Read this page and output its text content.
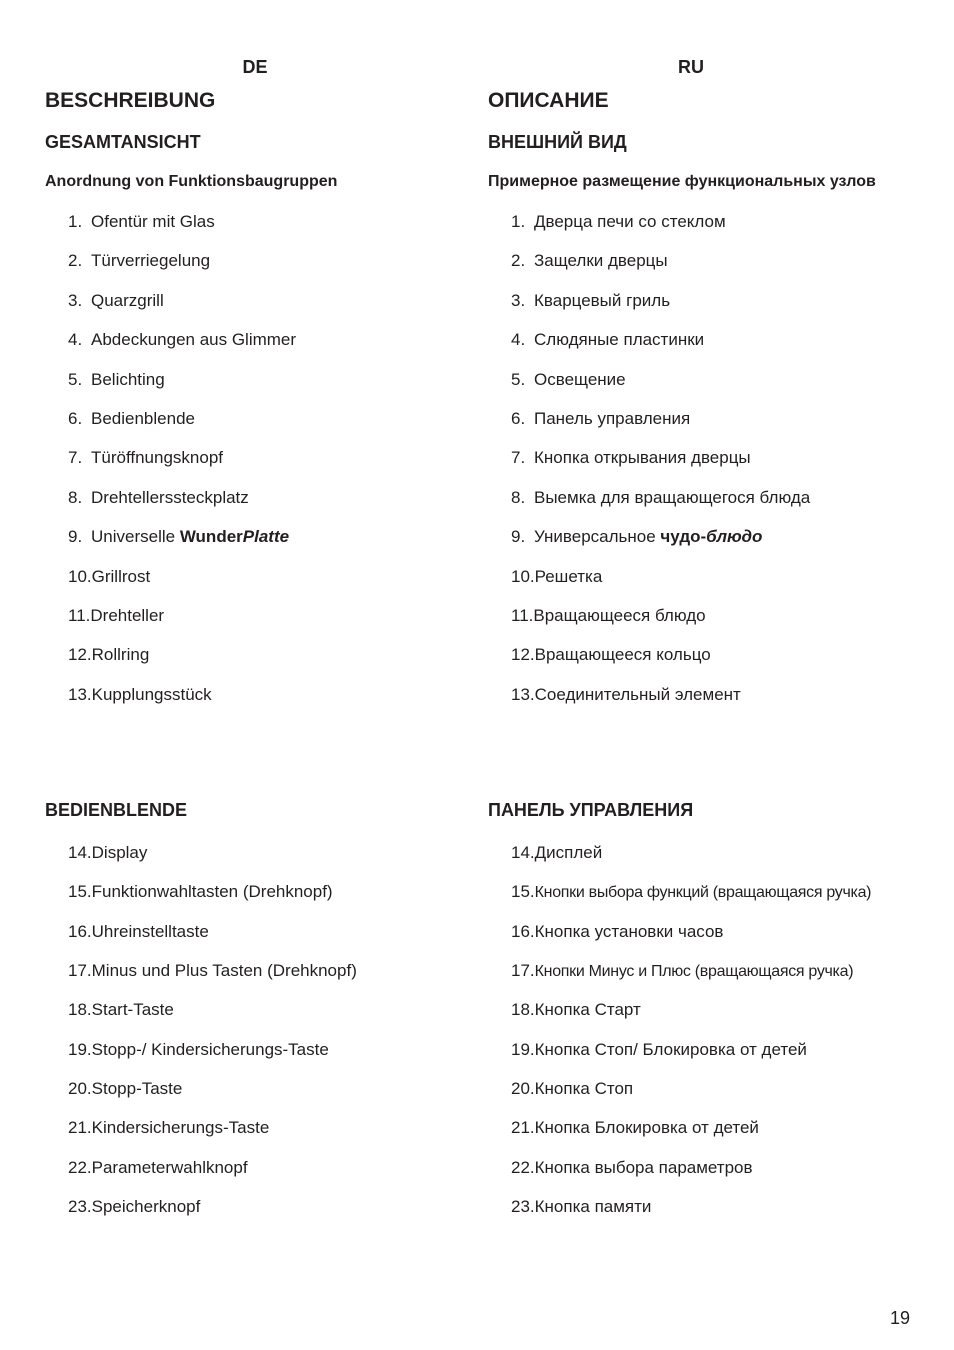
DE
BESCHREIBUNG
GESAMTANSICHT
Anordnung von Funktionsbaugruppen
1. Ofentür mit Glas
2. Türverriegelung
3. Quarzgrill
4. Abdeckungen aus Glimmer
5. Belichting
6. Bedienblende
7. Türöffnungsknopf
8. Drehtellerssteckplatz
9. Universelle WunderPlatte
10.Grillrost
11.Drehteller
12.Rollring
13.Kupplungsstück
BEDIENBLENDE
14.Display
15.Funktionwahltasten (Drehknopf)
16.Uhreinstelltaste
17.Minus und Plus Tasten (Drehknopf)
18.Start-Taste
19.Stopp-/ Kindersicherungs-Taste
20.Stopp-Taste
21.Kindersicherungs-Taste
22.Parameterwahlknopf
23.Speicherknopf
RU
ОПИСАНИЕ
ВНЕШНИЙ ВИД
Примерное размещение функциональных узлов
1. Дверца печи со стеклом
2. Защелки дверцы
3. Кварцевый гриль
4. Слюдяные пластинки
5. Освещение
6. Панель управления
7. Кнопка открывания дверцы
8. Выемка для вращающегося блюда
9. Универсальное чудо-блюдо
10.Решетка
11.Вращающееся блюдо
12.Вращающееся кольцо
13.Соединительный элемент
ПАНЕЛЬ УПРАВЛЕНИЯ
14.Дисплей
15.Кнопки выбора функций (вращающаяся ручка)
16.Кнопка установки часов
17.Кнопки Минус и Плюс (вращающаяся ручка)
18.Кнопка Старт
19.Кнопка Стоп/ Блокировка от детей
20.Кнопка Стоп
21.Кнопка Блокировка от детей
22.Кнопка выбора параметров
23.Кнопка памяти
19
